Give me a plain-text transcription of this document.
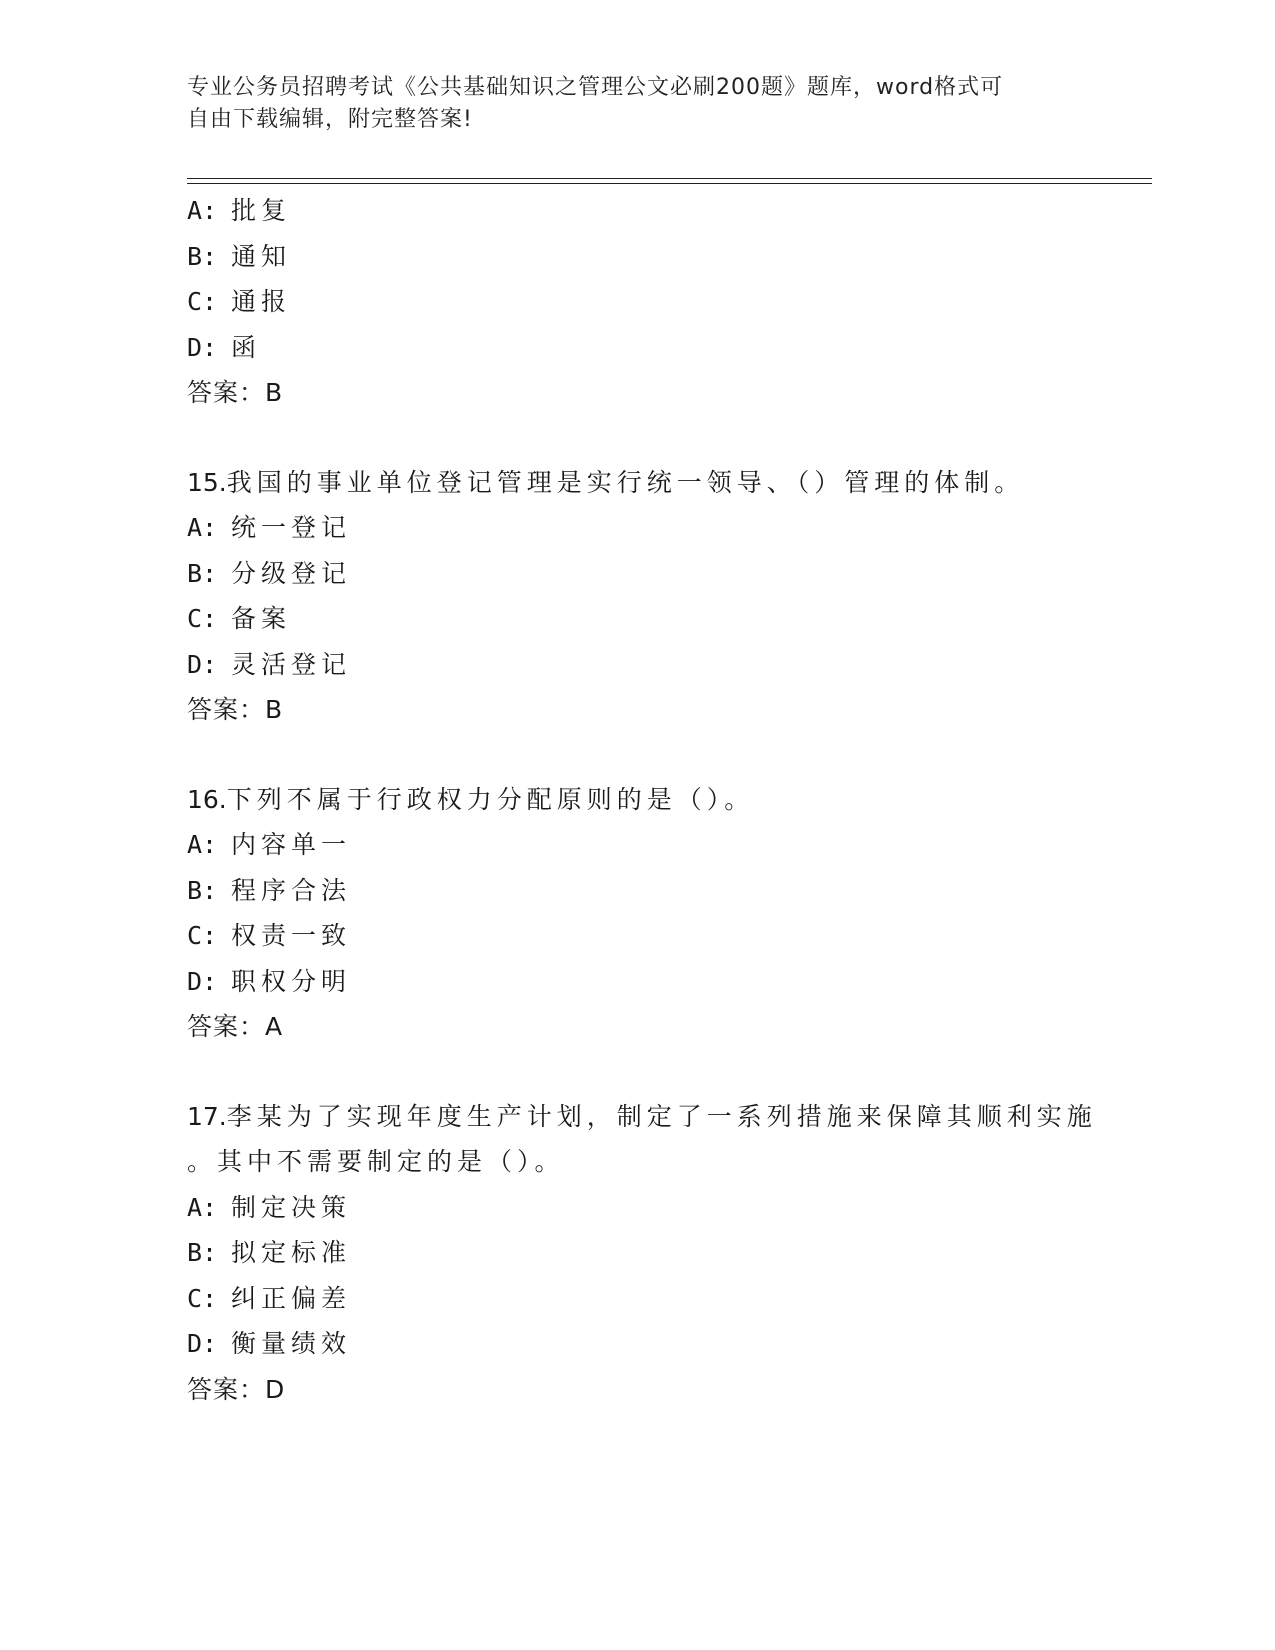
专业公务员招聘考试《公共基础知识之管理公文必刷200题》题库，word格式可
自由下载编辑，附完整答案!
A: 批复
B: 通知
C: 通报
D: 函
答案：B
15.我国的事业单位登记管理是实行统一领导、（）管理的体制。
A: 统一登记
B: 分级登记
C: 备案
D: 灵活登记
答案：B
16.下列不属于行政权力分配原则的是（）。
A: 内容单一
B: 程序合法
C: 权责一致
D: 职权分明
答案：A
17.李某为了实现年度生产计划，制定了一系列措施来保障其顺利实施
。其中不需要制定的是（）。
A: 制定决策
B: 拟定标准
C: 纠正偏差
D: 衡量绩效
答案：D
